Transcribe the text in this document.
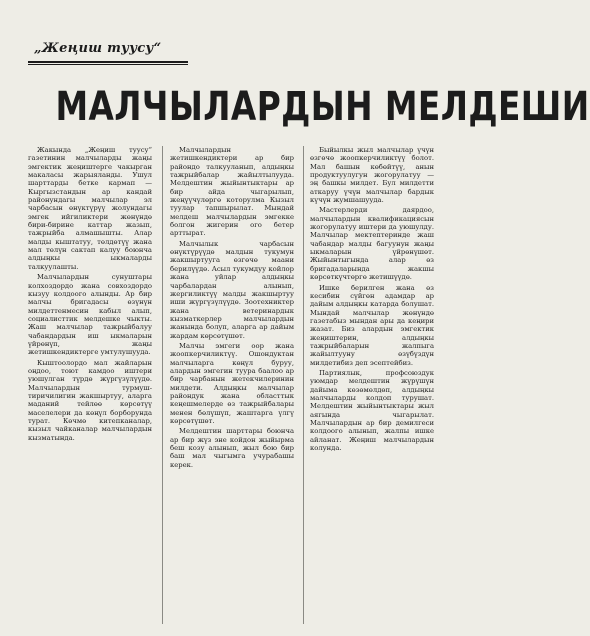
„Жеңиш туусу“
МАЛЧЫЛАРДЫН МЕЛДЕШИ

Жакында „Жеңиш туусу“ газетинин малчыларды жаңы эмгектик жеңиштерге чакырган макаласы жарыяланды. Ушул шарттарды бетке кармап — Кыргызстандын ар кандай районундагы малчылар эл чарбасын өнүктүрүү жолундагы эмгек ийгиликтери жөнүндө бири-бирине каттар жазып, тажрыйба алмашышты. Алар малды кыштатуу, төлдөтүү жана мал төлүн сактап калуу боюнча алдыңкы ыкмаларды талкуулашты.

Малчылардын сунуштары колхоздордо жана совхоздордо кызуу колдоого алынды. Ар бир малчы бригадасы өзүнүн милдеттенмесин кабыл алып, социалисттик мелдешке чыкты. Жаш малчылар тажрыйбалуу чабандардын иш ыкмаларын үйрөнүп, жаңы жетишкендиктерге умтулушууда.

Кыштоолордо мал жайларын оңдоо, тоют камдоо иштери уюшулган түрдө жүргүзүлүүдө. Малчылардын турмуш-тиричилигин жакшыртуу, аларга маданий тейлөө көрсөтүү маселелери да көңүл борборунда турат. Көчмө китепканалар, кызыл чайканалар малчылардын кызматында.

Малчылардын жетишкендиктери ар бир райондо талкууланып, алдыңкы тажрыйбалар жайылтылууда. Мелдештин жыйынтыктары ар бир айда чыгарылып, жеңүүчүлөргө которулма Кызыл туулар тапшырылат. Мындай мелдеш малчылардын эмгекке болгон жигерин ого бетер арттырат.

Малчылык чарбасын өнүктүрүүдө малдын тукумун жакшыртууга өзгөчө маани берилүүдө. Асыл тукумдуу койлор жана уйлар алдыңкы чарбалардан алынып, жергиликтүү малды жакшыртуу иши жүргүзүлүүдө. Зоотехниктер жана ветеринардык кызматкерлер малчылардын жанында болуп, аларга ар дайым жардам көрсөтүшөт.

Малчы эмгеги оор жана жоопкерчиликтүү. Ошондуктан малчыларга көңүл буруу, алардын эмгегин туура баалоо ар бир чарбанын жетекчилеринин милдети. Алдыңкы малчылар райондук жана областтык кеңешмелерде өз тажрыйбалары менен бөлүшүп, жаштарга үлгү көрсөтүшөт.

Мелдештин шарттары боюнча ар бир жүз эне койдон жыйырма беш козу алынып, жыл бою бир баш мал чыгымга учурабашы керек.

Быйылкы жыл малчылар үчүн өзгөчө жоопкерчиликтүү болот. Мал башын көбөйтүү, анын продуктуулугун жогорулатуу — эң башкы милдет. Бул милдетти аткаруу үчүн малчылар бардык күчүн жумшашууда.

Мастерлерди даярдоо, малчылардын квалификациясын жогорулатуу иштери да уюшулду. Малчылар мектептеринде жаш чабандар малды багуунун жаңы ыкмаларын үйрөнүшөт. Жыйынтыгында алар өз бригадаларында жакшы көрсөткүчтөргө жетишүүдө.

Ишке берилген жана өз кесибин сүйгөн адамдар ар дайым алдыңкы катарда болушат. Мындай малчылар жөнүндө газетабыз мындан ары да кеңири жазат. Биз алардын эмгектик жеңиштерин, алдыңкы тажрыйбаларын жалпыга жайылтууну өзүбүздүн милдетибиз деп эсептейбиз.

Партиялык, профсоюздук уюмдар мелдештин жүрүшүн дайыма көзөмөлдөп, алдыңкы малчыларды колдоп турушат. Мелдештин жыйынтыктары жыл аягында чыгарылат. Малчылардын ар бир демилгеси колдоого алынып, жалпы ишке айланат. Жеңиш малчылардын колунда.
